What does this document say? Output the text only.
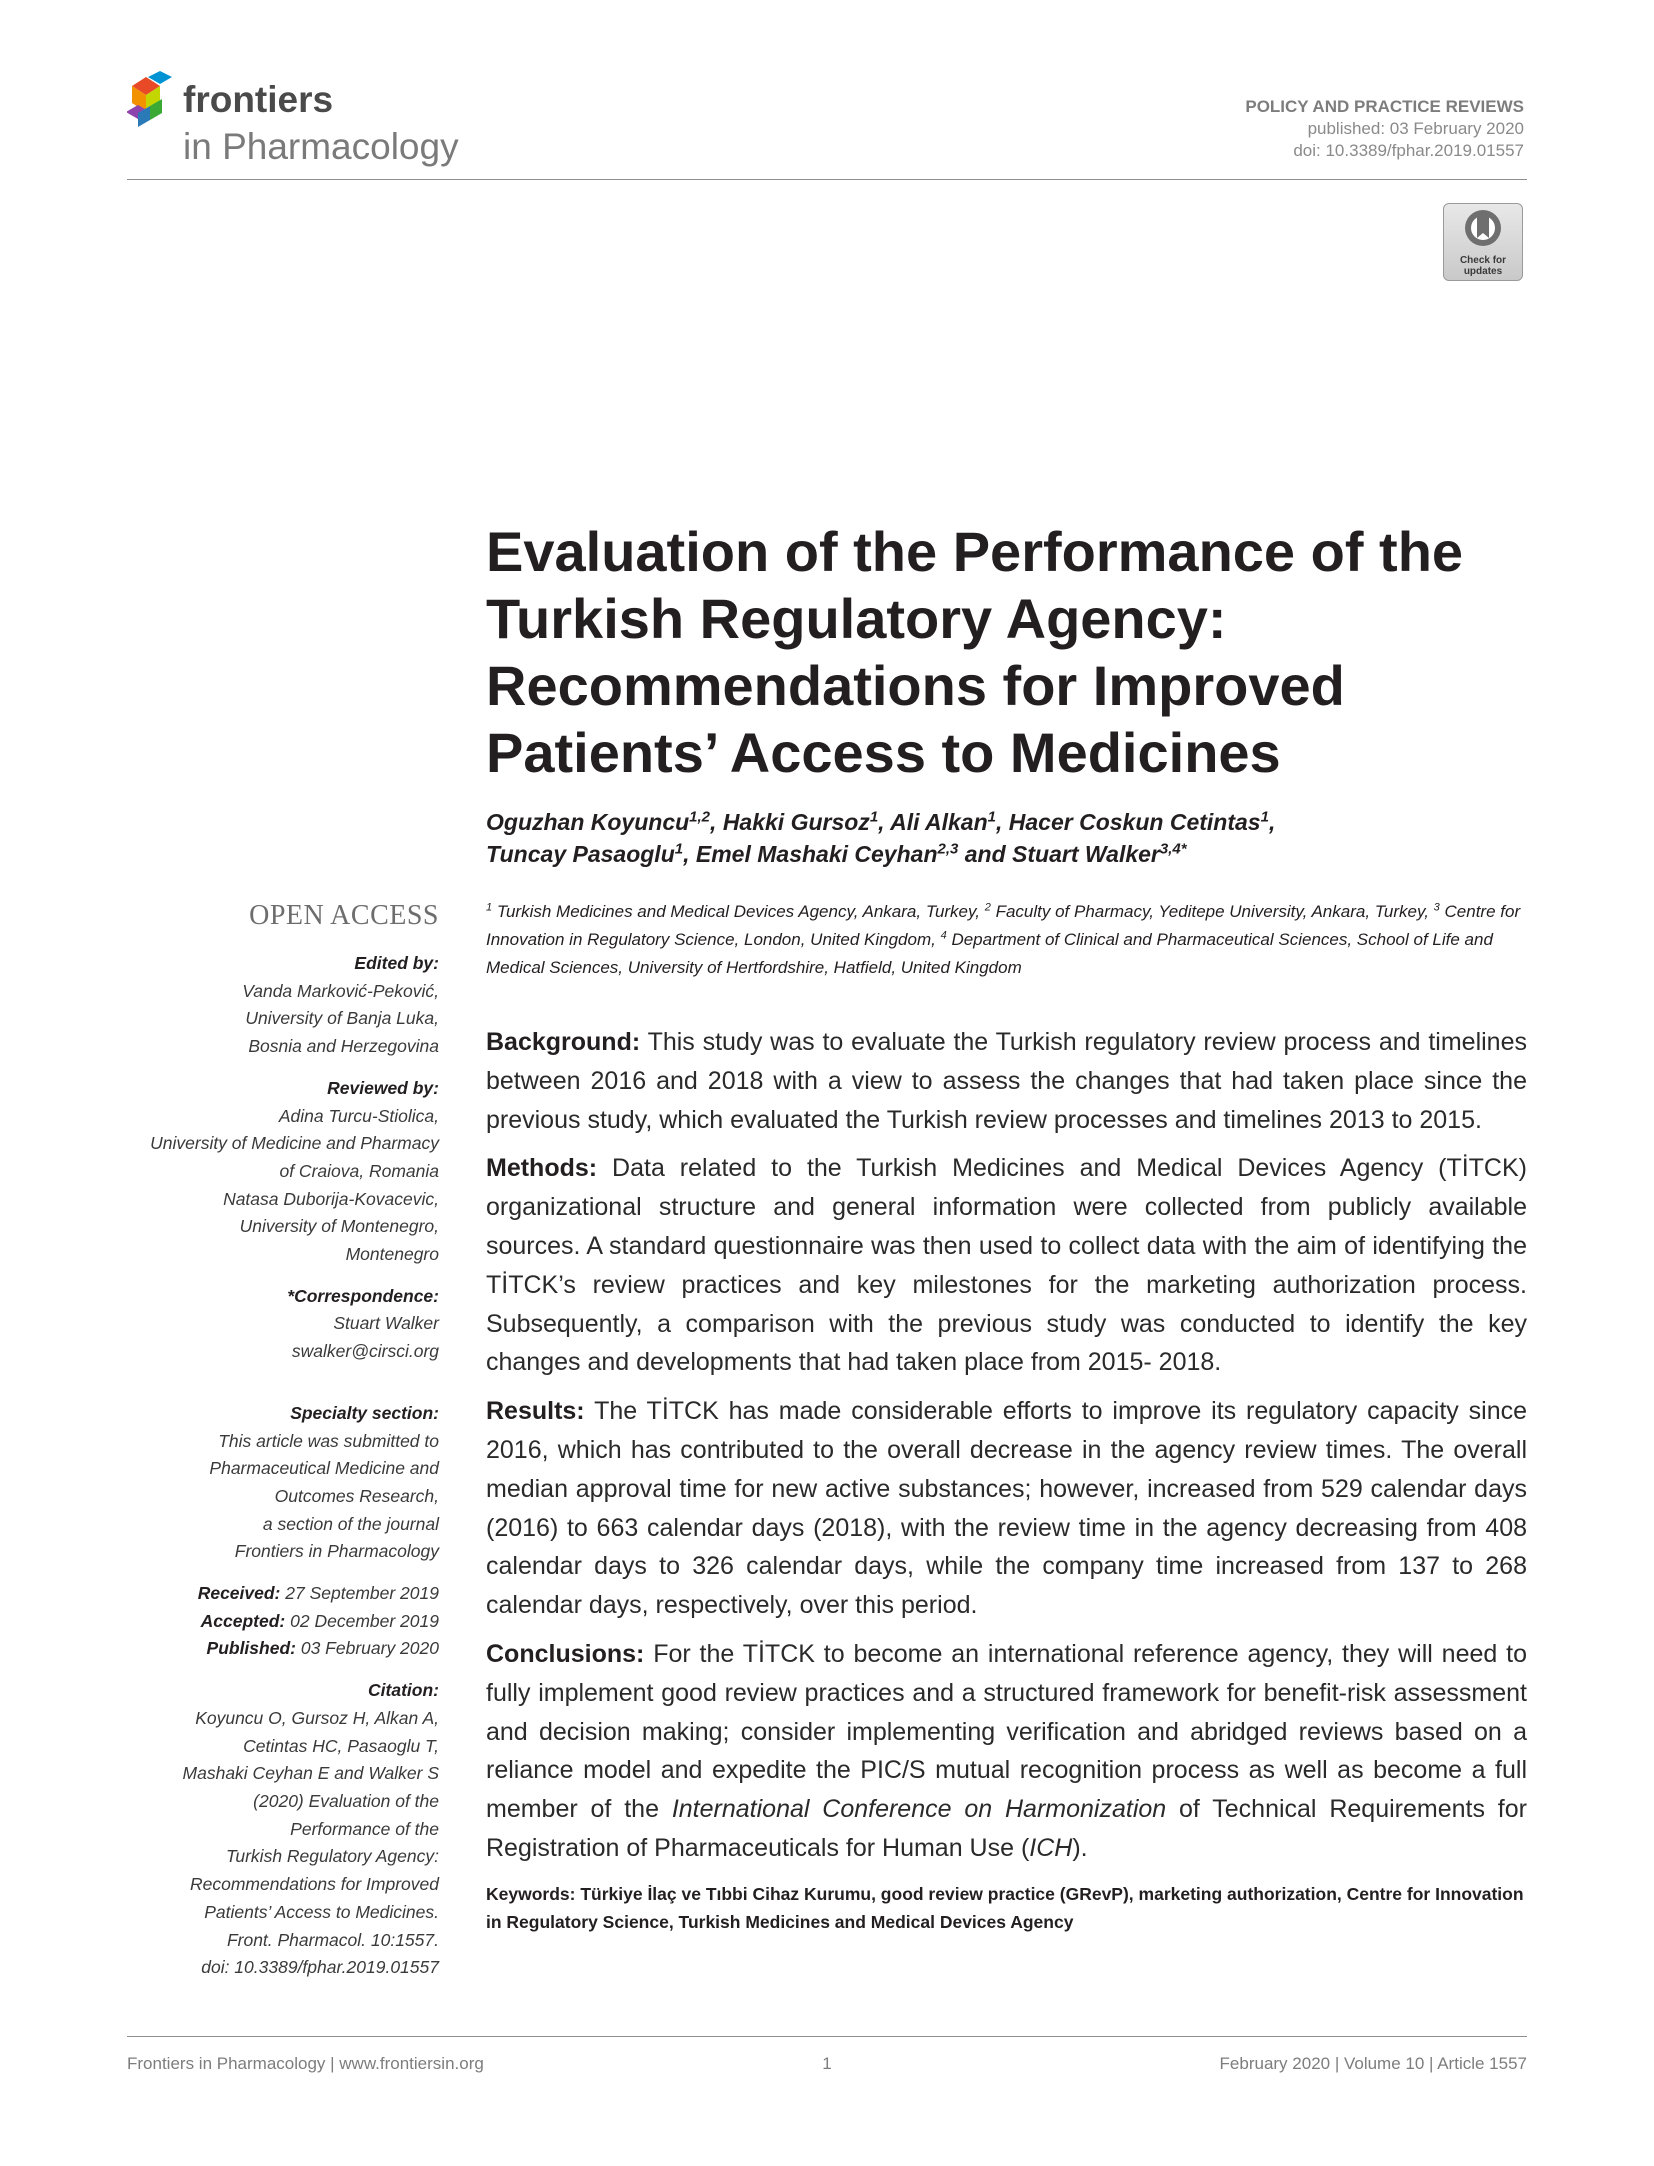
frontiers
in Pharmacology
POLICY AND PRACTICE REVIEWS
published: 03 February 2020
doi: 10.3389/fphar.2019.01557
Check for updates
Evaluation of the Performance of the Turkish Regulatory Agency: Recommendations for Improved Patients’ Access to Medicines
Oguzhan Koyuncu$^{1,2}$, Hakki Gursoz$^1$, Ali Alkan$^1$, Hacer Coskun Cetintas$^1$,
Tuncay Pasaoglu$^1$, Emel Mashaki Ceyhan$^{2,3}$ and Stuart Walker$^{3,4*}$
$^1$ Turkish Medicines and Medical Devices Agency, Ankara, Turkey, $^2$ Faculty of Pharmacy, Yeditepe University, Ankara, Turkey, $^3$ Centre for Innovation in Regulatory Science, London, United Kingdom, $^4$ Department of Clinical and Pharmaceutical Sciences, School of Life and Medical Sciences, University of Hertfordshire, Hatfield, United Kingdom
OPEN ACCESS
Edited by:
Vanda Marković-Peković,
University of Banja Luka,
Bosnia and Herzegovina
Reviewed by:
Adina Turcu-Stiolica,
University of Medicine and Pharmacy
of Craiova, Romania
Natasa Duborija-Kovacevic,
University of Montenegro,
Montenegro
*Correspondence:
Stuart Walker
swalker@cirsci.org
Specialty section:
This article was submitted to
Pharmaceutical Medicine and
Outcomes Research,
a section of the journal
Frontiers in Pharmacology
Received: 27 September 2019
Accepted: 02 December 2019
Published: 03 February 2020
Citation:
Koyuncu O, Gursoz H, Alkan A,
Cetintas HC, Pasaoglu T,
Mashaki Ceyhan E and Walker S
(2020) Evaluation of the
Performance of the
Turkish Regulatory Agency:
Recommendations for Improved
Patients’ Access to Medicines.
Front. Pharmacol. 10:1557.
doi: 10.3389/fphar.2019.01557

Background: This study was to evaluate the Turkish regulatory review process and timelines between 2016 and 2018 with a view to assess the changes that had taken place since the previous study, which evaluated the Turkish review processes and timelines 2013 to 2015.

Methods: Data related to the Turkish Medicines and Medical Devices Agency (TİTCK) organizational structure and general information were collected from publicly available sources. A standard questionnaire was then used to collect data with the aim of identifying the TİTCK’s review practices and key milestones for the marketing authorization process. Subsequently, a comparison with the previous study was conducted to identify the key changes and developments that had taken place from 2015- 2018.

Results: The TİTCK has made considerable efforts to improve its regulatory capacity since 2016, which has contributed to the overall decrease in the agency review times. The overall median approval time for new active substances; however, increased from 529 calendar days (2016) to 663 calendar days (2018), with the review time in the agency decreasing from 408 calendar days to 326 calendar days, while the company time increased from 137 to 268 calendar days, respectively, over this period.

Conclusions: For the TİTCK to become an international reference agency, they will need to fully implement good review practices and a structured framework for benefit-risk assessment and decision making; consider implementing verification and abridged reviews based on a reliance model and expedite the PIC/S mutual recognition process as well as become a full member of the International Conference on Harmonization of Technical Requirements for Registration of Pharmaceuticals for Human Use (ICH).

Keywords: Türkiye İlaç ve Tıbbi Cihaz Kurumu, good review practice (GRevP), marketing authorization, Centre for Innovation in Regulatory Science, Turkish Medicines and Medical Devices Agency
Frontiers in Pharmacology | www.frontiersin.org	1	February 2020 | Volume 10 | Article 1557
